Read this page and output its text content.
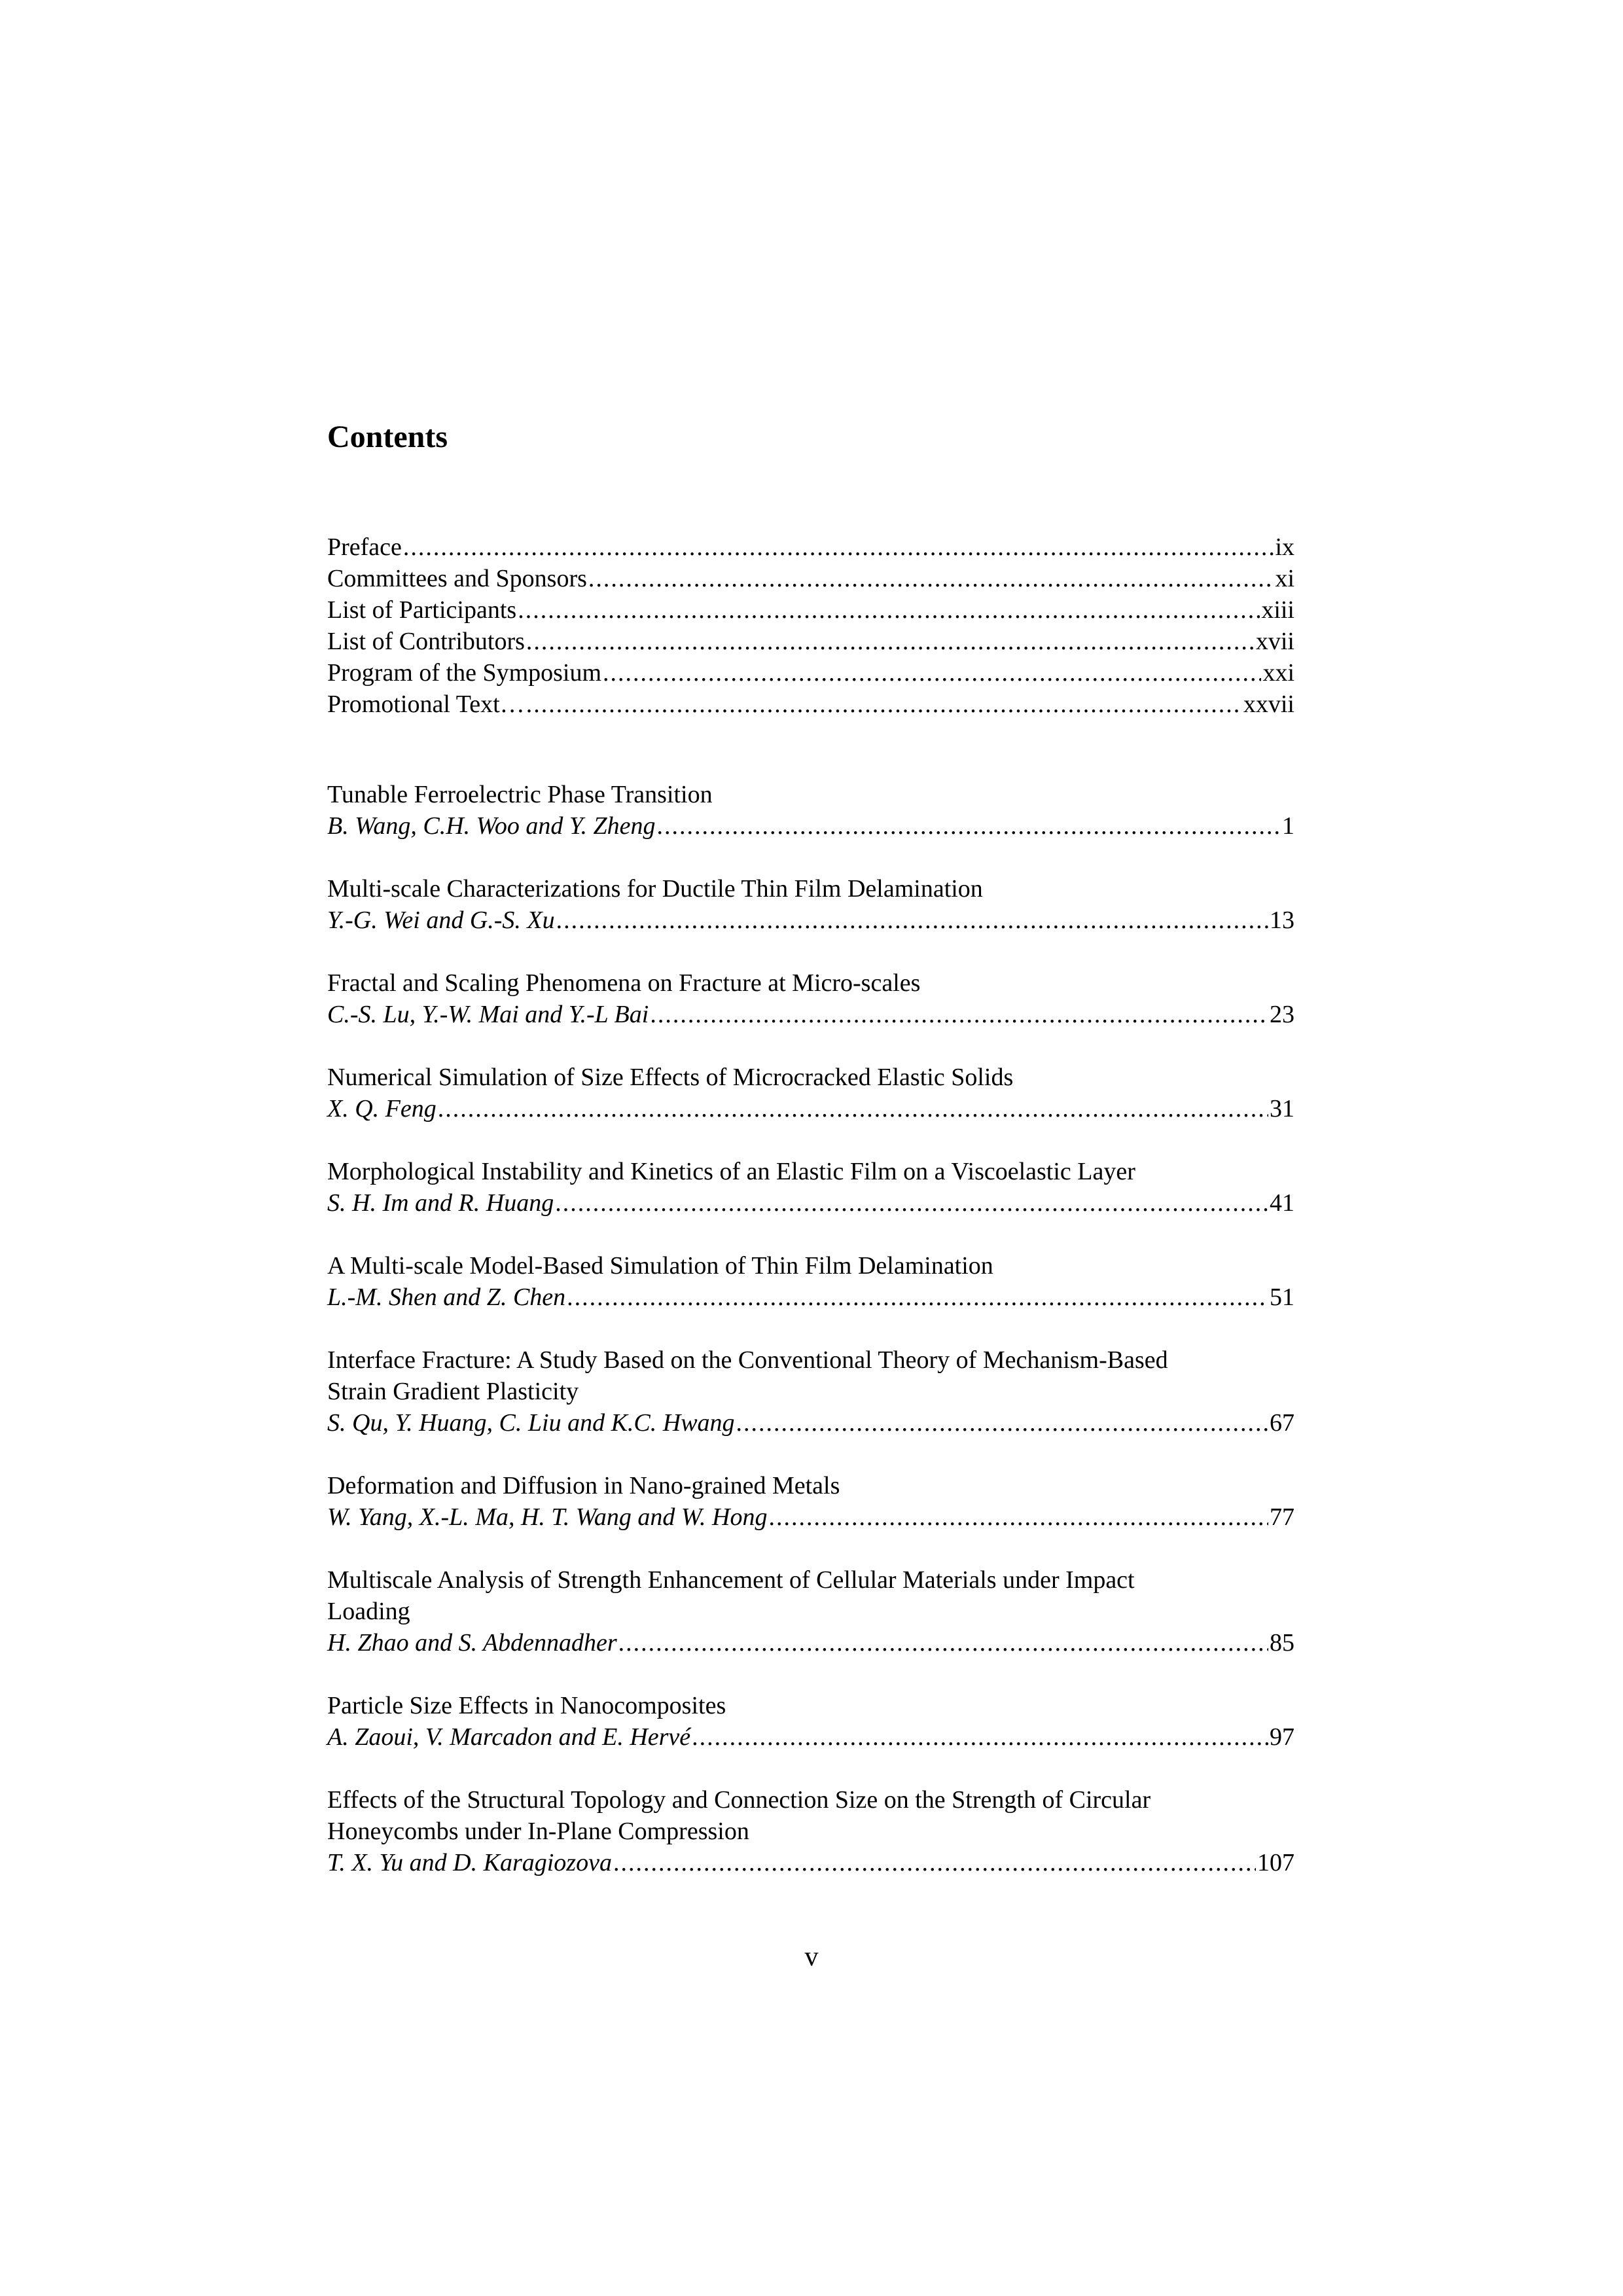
Contents
Preface .....	ix
Committees and Sponsors .....	xi
List of Participants .....	xiii
List of Contributors .....	xvii
Program of the Symposium .....	xxi
Promotional Text… .....	xxvii
Tunable Ferroelectric Phase Transition
B. Wang, C.H. Woo and Y. Zheng .....	1
Multi-scale Characterizations for Ductile Thin Film Delamination
Y.-G. Wei and G.-S. Xu .....	13
Fractal and Scaling Phenomena on Fracture at Micro-scales
C.-S. Lu, Y.-W. Mai and Y.-L Bai .....	23
Numerical Simulation of Size Effects of Microcracked Elastic Solids
X. Q. Feng .....	31
Morphological Instability and Kinetics of an Elastic Film on a Viscoelastic Layer
S. H. Im and R. Huang .....	41
A Multi-scale Model-Based Simulation of Thin Film Delamination
L.-M. Shen and Z. Chen .....	51
Interface Fracture: A Study Based on the Conventional Theory of Mechanism-Based
Strain Gradient Plasticity
S. Qu, Y. Huang, C. Liu and K.C. Hwang .....	67
Deformation and Diffusion in Nano-grained Metals
W. Yang, X.-L. Ma, H. T. Wang and W. Hong .....	77
Multiscale Analysis of Strength Enhancement of Cellular Materials under Impact
Loading
H. Zhao and S. Abdennadher .....	85
Particle Size Effects in Nanocomposites
A. Zaoui, V. Marcadon and E. Hervé .....	97
Effects of the Structural Topology and Connection Size on the Strength of Circular
Honeycombs under In-Plane Compression
T. X. Yu and D. Karagiozova .....	107
v
